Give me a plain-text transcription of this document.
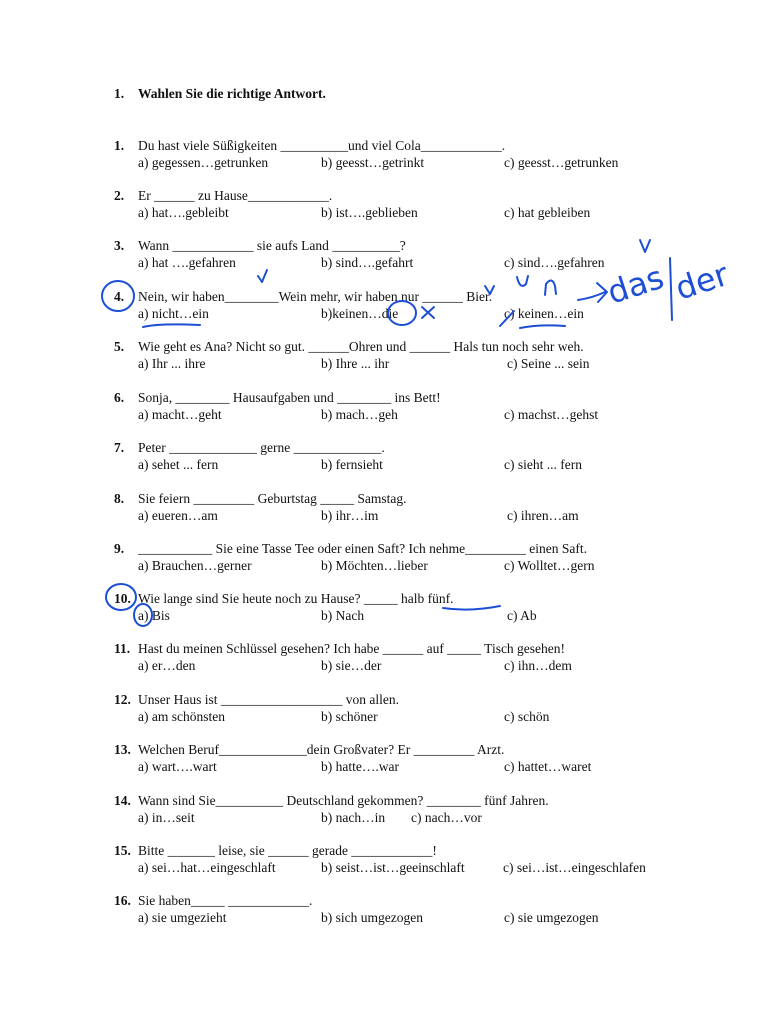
1. Wahlen Sie die richtige Antwort.
1. Du hast viele Süßigkeiten __________und viel Cola____________.
a) gegessen…getrunken	b) geesst…getrinkt	c) geesst…getrunken
2. Er ______ zu Hause____________.
a) hat….gebleibt	b) ist….geblieben	c) hat gebleiben
3. Wann ____________ sie aufs Land __________?
a) hat ….gefahren	b) sind….gefahrt	c) sind….gefahren
4. Nein, wir haben________Wein mehr, wir haben nur ______ Bier.
a) nicht…ein	b)keinen…die	c) keinen…ein
5. Wie geht es Ana? Nicht so gut. ______Ohren und ______ Hals tun noch sehr weh.
a) Ihr ... ihre	b) Ihre ... ihr	c) Seine ... sein
6. Sonja, ________ Hausaufgaben und ________ ins Bett!
a) macht…geht	b) mach…geh	c) machst…gehst
7. Peter _____________ gerne _____________.
a) sehet ... fern	b) fernsieht	c) sieht ... fern
8. Sie feiern _________ Geburtstag _____ Samstag.
a) eueren…am	b) ihr…im	c) ihren…am
9. ___________ Sie eine Tasse Tee oder einen Saft? Ich nehme_________ einen Saft.
a) Brauchen…gerner	b) Möchten…lieber	c) Wolltet…gern
10. Wie lange sind Sie heute noch zu Hause? _____ halb fünf.
a) Bis	b) Nach	c) Ab
11. Hast du meinen Schlüssel gesehen? Ich habe ______ auf _____ Tisch gesehen!
a) er…den	b) sie…der	c) ihn…dem
12. Unser Haus ist __________________ von allen.
a) am schönsten	b) schöner	c) schön
13. Welchen Beruf_____________dein Großvater? Er _________ Arzt.
a) wart….wart	b) hatte….war	c) hattet…waret
14. Wann sind Sie__________ Deutschland gekommen? ________ fünf Jahren.
a) in…seit	b) nach…in c) nach…vor
15. Bitte _______ leise, sie ______ gerade ____________!
a) sei…hat…eingeschlaft	b) seist…ist…geeinschlaft	c) sei…ist…eingeschlafen
16. Sie haben_____ ____________.
a) sie umgezieht	b) sich umgezogen	c) sie umgezogen
das der
